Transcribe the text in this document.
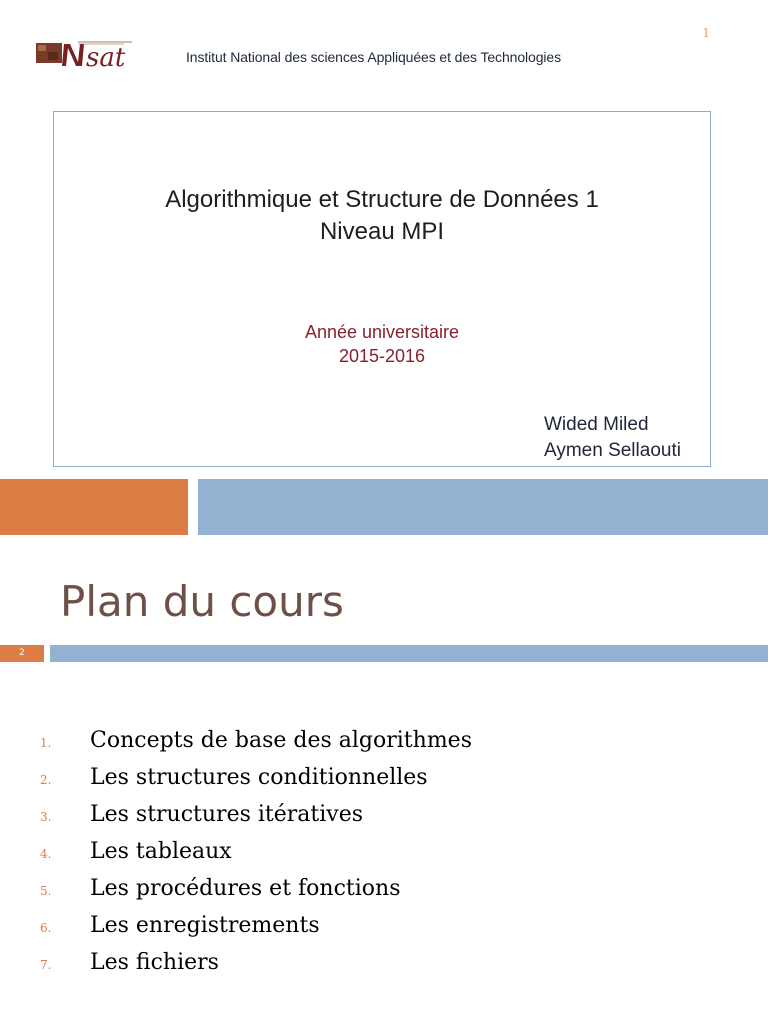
1
sat	Institut National des sciences Appliquées et des Technologies
Algorithmique et Structure de Données 1
Niveau MPI
Année universitaire
2015-2016
Wided Miled
Aymen Sellaouti
Plan du cours
2
1. Concepts de base des algorithmes
2. Les structures conditionnelles
3. Les structures itératives
4. Les tableaux
5. Les procédures et fonctions
6. Les enregistrements
7. Les fichiers
